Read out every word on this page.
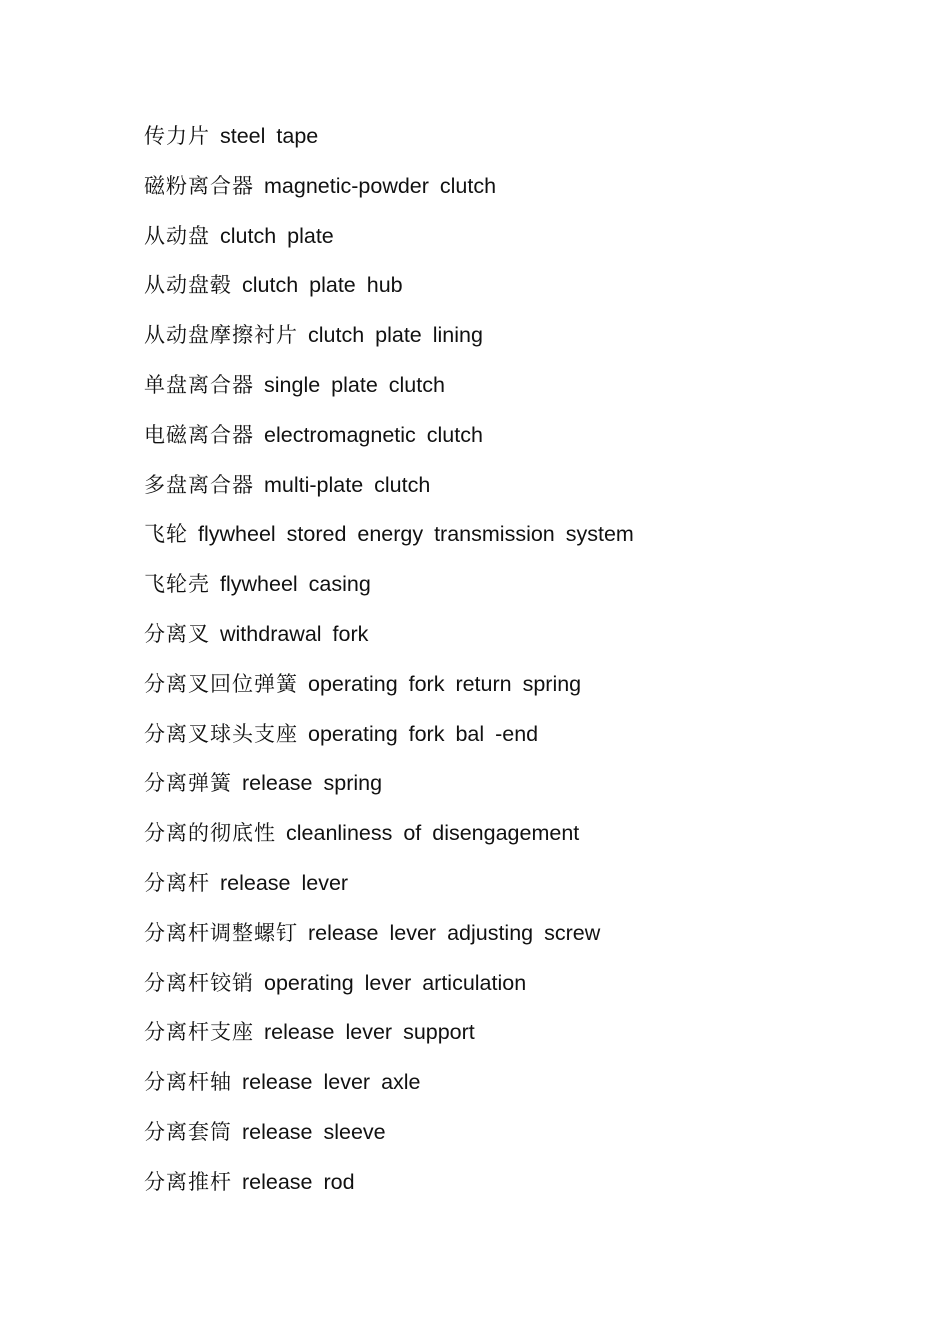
传力片 steel tape
磁粉离合器 magnetic-powder clutch
从动盘 clutch plate
从动盘毂 clutch plate hub
从动盘摩擦衬片 clutch plate lining
单盘离合器 single plate clutch
电磁离合器 electromagnetic clutch
多盘离合器 multi-plate clutch
飞轮 flywheel stored energy transmission system
飞轮壳 flywheel casing
分离叉 withdrawal fork
分离叉回位弹簧 operating fork return spring
分离叉球头支座 operating fork bal -end
分离弹簧 release spring
分离的彻底性 cleanliness of disengagement
分离杆 release lever
分离杆调整螺钉 release lever adjusting screw
分离杆铰销 operating lever articulation
分离杆支座 release lever support
分离杆轴 release lever axle
分离套筒 release sleeve
分离推杆 release rod
